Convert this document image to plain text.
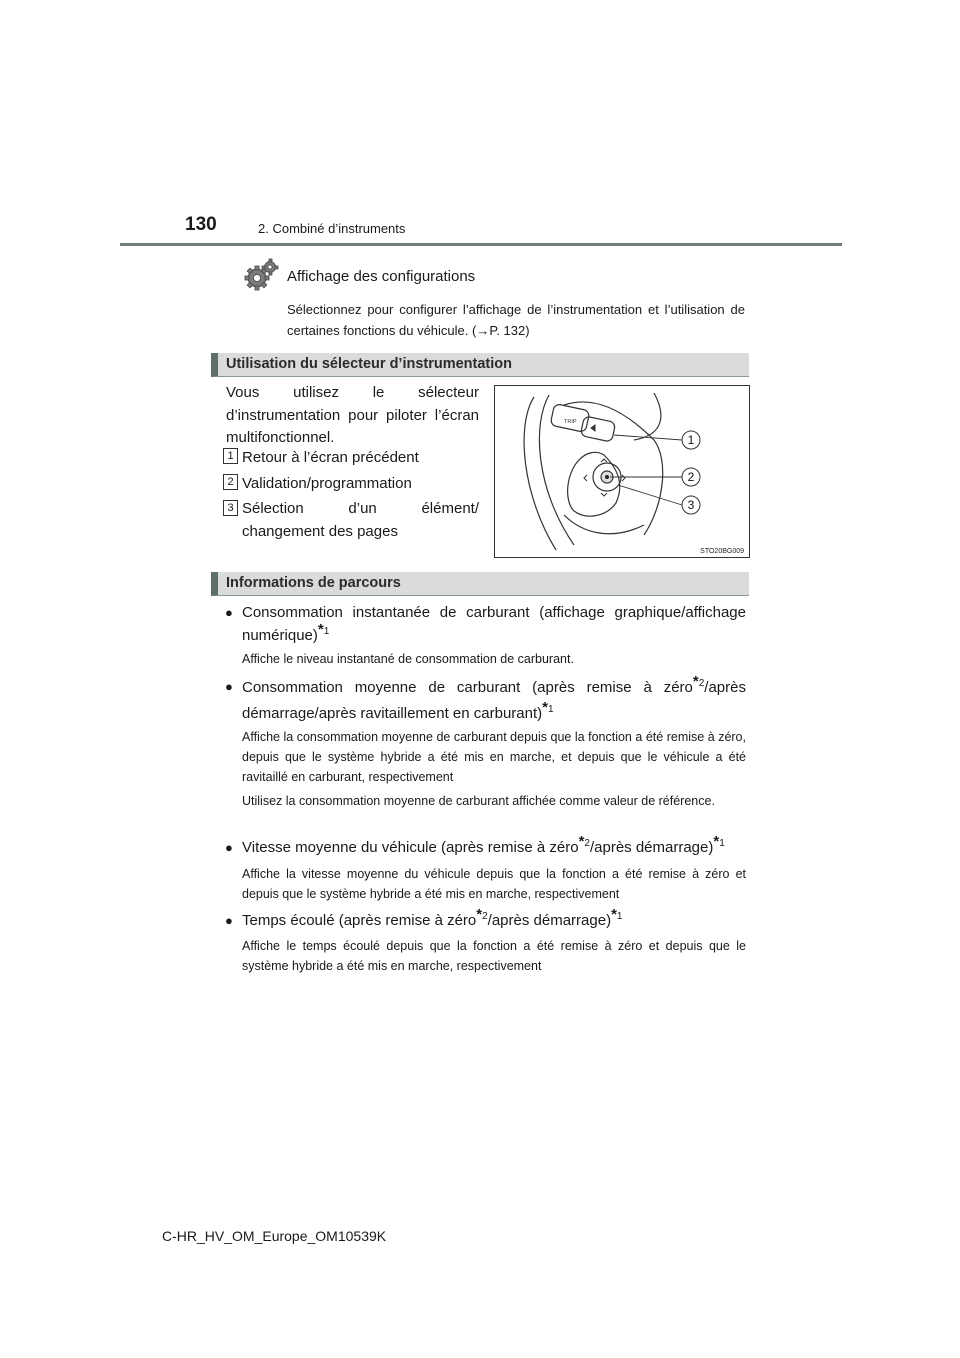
130	2. Combiné d’instruments
Affichage des configurations
Sélectionnez pour configurer l’affichage de l’instrumentation et l’utilisation de certaines fonctions du véhicule. (→P. 132)
Utilisation du sélecteur d’instrumentation
Vous utilisez le sélecteur d’instrumentation pour piloter l’écran multifonctionnel.
1 Retour à l’écran précédent
2 Validation/programmation
3 Sélection d’un élément/ changement des pages
TRIP
1
2
3
STO20BG009
Informations de parcours
● Consommation instantanée de carburant (affichage graphique/affichage numérique)$^{*1}$
Affiche le niveau instantané de consommation de carburant.
● Consommation moyenne de carburant (après remise à zéro$^{*2}$/après démarrage/après ravitaillement en carburant)$^{*1}$
Affiche la consommation moyenne de carburant depuis que la fonction a été remise à zéro, depuis que le système hybride a été mis en marche, et depuis que le véhicule a été ravitaillé en carburant, respectivement
Utilisez la consommation moyenne de carburant affichée comme valeur de référence.
● Vitesse moyenne du véhicule (après remise à zéro$^{*2}$/après démarrage)$^{*1}$
Affiche la vitesse moyenne du véhicule depuis que la fonction a été remise à zéro et depuis que le système hybride a été mis en marche, respectivement
● Temps écoulé (après remise à zéro$^{*2}$/après démarrage)$^{*1}$
Affiche le temps écoulé depuis que la fonction a été remise à zéro et depuis que le système hybride a été mis en marche, respectivement
C-HR_HV_OM_Europe_OM10539K
